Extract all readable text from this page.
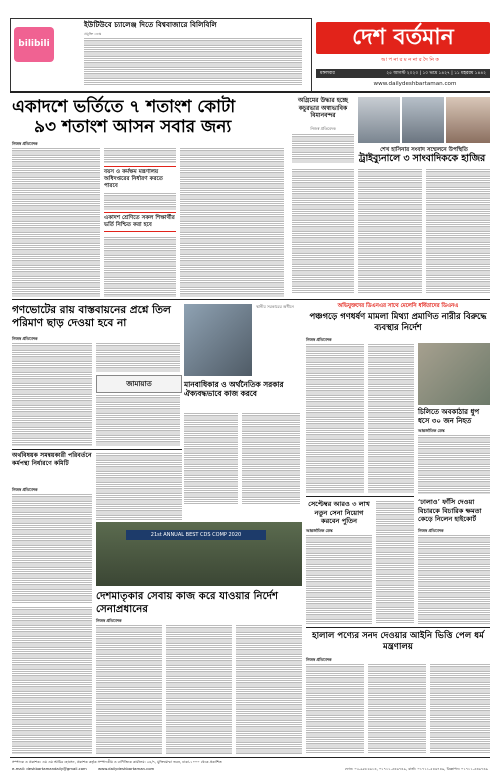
bilibili
ইউটিউবে চ্যালেঞ্জ দিতে বিশ্ববাজারে বিলিবিলি
প্রযুক্তি ডেস্ক	দেশ বর্তমান
আ প না র ম ন না র দৈ নি ক
মঙ্গলবার	২৫ আগস্ট ২০২০ | ১০ ভাদ্র ১৪২৭ | ১১ মহররম ১৪৪২
www.dailydeshbartaman.com
একাদশে ভর্তিতে ৭ শতাংশ কোটা
৯৩ শতাংশ আসন সবার জন্য
নিজস্ব প্রতিবেদক
বয়স ও কর্মক্ষম মন্ত্রণালয় অধিদপ্তরের নির্ধারণ করতে পারবে
একাদশ শ্রেণিতে সকল শিক্ষার্থীর ভর্তি নিশ্চিত করা হবে
অগ্রিমের উদ্ধার হচ্ছে কচুরভার অস্বাভাবিক বিমানবন্দর
নিজস্ব প্রতিবেদক
শেখ হাসিনার সংবাদ সম্মেলনে উপস্থিতি
ট্রাইব্যুনালে ৩ সাংবাদিককে হাজির
গণভোটের রায় বাস্তবায়নের প্রশ্নে তিল পরিমাণ ছাড় দেওয়া হবে না
নিজস্ব প্রতিবেদক
জামায়াত
অর্থবিষয়ক সমন্বয়কারী পরিবর্তনে কর্মপন্থা নির্ধারণে কমিটি
নিজস্ব প্রতিবেদক
স্থানীয় সরকারের অধীনে
মানবাধিকার ও অর্থনৈতিক সরকার ঐক্যবদ্ধভাবে কাজ করবে
21st ANNUAL BEST CDS COMP 2020
দেশমাতৃকার সেবায় কাজ করে যাওয়ার নির্দেশ সেনাপ্রধানের
নিজস্ব প্রতিবেদক
অভিযুক্তদের ডিএনএর সাথে মেলেনি ধর্ষিতাদের ডিএনএ
পঞ্চগড়ে গণধর্ষণ মামলা মিথ্যা প্রমাণিত নারীর বিরুদ্ধে ব্যবস্থার নির্দেশ
নিজস্ব প্রতিবেদক
চিলিতে অবকাঠার ধুপ ধসে ৩০ জন নিহত
আন্তর্জাতিক ডেস্ক
সেপ্টেম্বর আরও ৩ লাখ নতুন সেনা নিয়োগ করবেন পুতিন
আন্তর্জাতিক ডেস্ক
‘ঢালাও’ ফাঁসি দেওয়া বিচারকে বিচারিক ক্ষমতা কেড়ে নিলেন হাইকোর্ট
নিজস্ব প্রতিবেদক
হালাল পণ্যের সনদ দেওয়ার আইনি ভিত্তি পেল ধর্ম মন্ত্রণালয়
নিজস্ব প্রতিবেদক
সম্পাদক ও প্রকাশক: এম এম আমির হোসেন, প্রকাশক কর্তৃক সম্পাদকীয় ও বাণিজ্যিক কার্যালয়: ২৪/৭, মুক্তিযোদ্ধা ভবন, ঢাকা-১০০০ থেকে প্রকাশিত
e-mail: deshbartamandaily@gmail.com	www.dailydeshbartaman.com	ফোন: ০২-৯৫৮২৬১৪, ০১৭১১-৫৪৬৭৪৯, বার্তা: ০১৭১১-৫৪৬৭৪৯, বিজ্ঞাপন: ০১৭১১-৫৪৬৭৪৯
